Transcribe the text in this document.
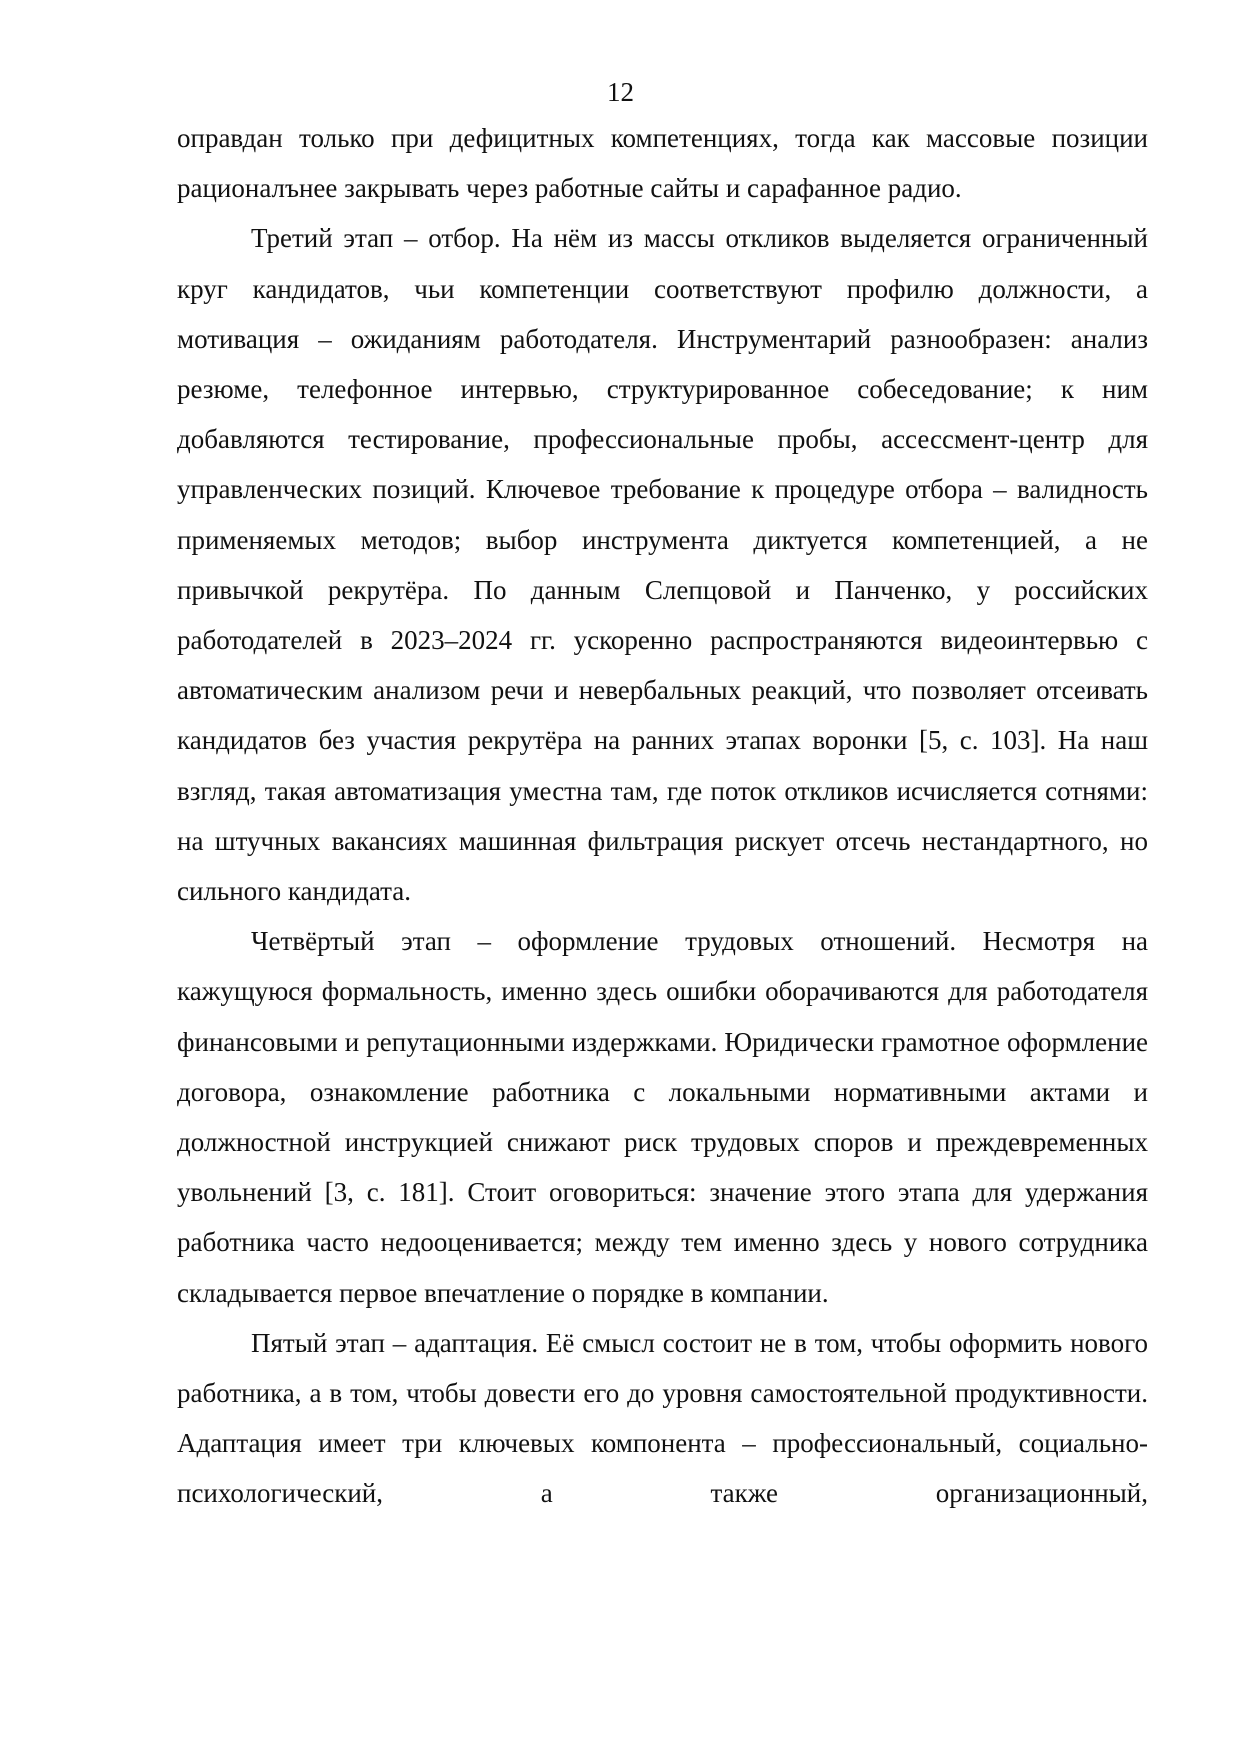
12

оправдан только при дефицитных компетенциях, тогда как массовые позиции рационалънее закрывать через работные сайты и сарафанное радио.

Третий этап – отбор. На нём из массы откликов выделяется ограниченный круг кандидатов, чьи компетенции соответствуют профилю должности, а мотивация – ожиданиям работодателя. Инструментарий разнообразен: анализ резюме, телефонное интервью, структурированное собеседование; к ним добавляются тестирование, профессиональные пробы, ассессмент-центр для управленческих позиций. Ключевое требование к процедуре отбора – валидность применяемых методов; выбор инструмента диктуется компетенцией, а не привычкой рекрутёра. По данным Слепцовой и Панченко, у российских работодателей в 2023–2024 гг. ускоренно распространяются видеоинтервью с автоматическим анализом речи и невербальных реакций, что позволяет отсеивать кандидатов без участия рекрутёра на ранних этапах воронки [5, с. 103]. На наш взгляд, такая автоматизация уместна там, где поток откликов исчисляется сотнями: на штучных вакансиях машинная фильтрация рискует отсечь нестандартного, но сильного кандидата.

Четвёртый этап – оформление трудовых отношений. Несмотря на кажущуюся формальность, именно здесь ошибки оборачиваются для работодателя финансовыми и репутационными издержками. Юридически грамотное оформление договора, ознакомление работника с локальными нормативными актами и должностной инструкцией снижают риск трудовых споров и преждевременных увольнений [3, с. 181]. Стоит оговориться: значение этого этапа для удержания работника часто недооценивается; между тем именно здесь у нового сотрудника складывается первое впечатление о порядке в компании.

Пятый этап – адаптация. Её смысл состоит не в том, чтобы оформить нового работника, а в том, чтобы довести его до уровня самостоятельной продуктивности. Адаптация имеет три ключевых компонента – профессиональный, социально-психологический, а также организационный,
